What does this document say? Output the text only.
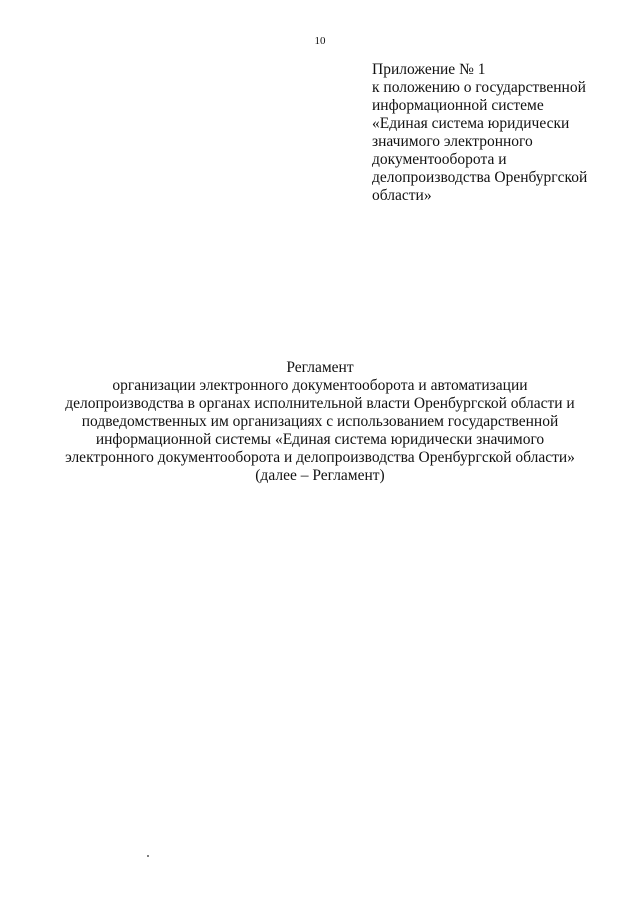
10
Приложение № 1
к положению о государственной
информационной системе
«Единая система юридически
значимого электронного
документооборота и
делопроизводства Оренбургской
области»
Регламент
организации электронного документооборота и автоматизации
делопроизводства в органах исполнительной власти Оренбургской области и
подведомственных им организациях с использованием государственной
информационной системы «Единая система юридически значимого
электронного документооборота и делопроизводства Оренбургской области»
(далее – Регламент)
